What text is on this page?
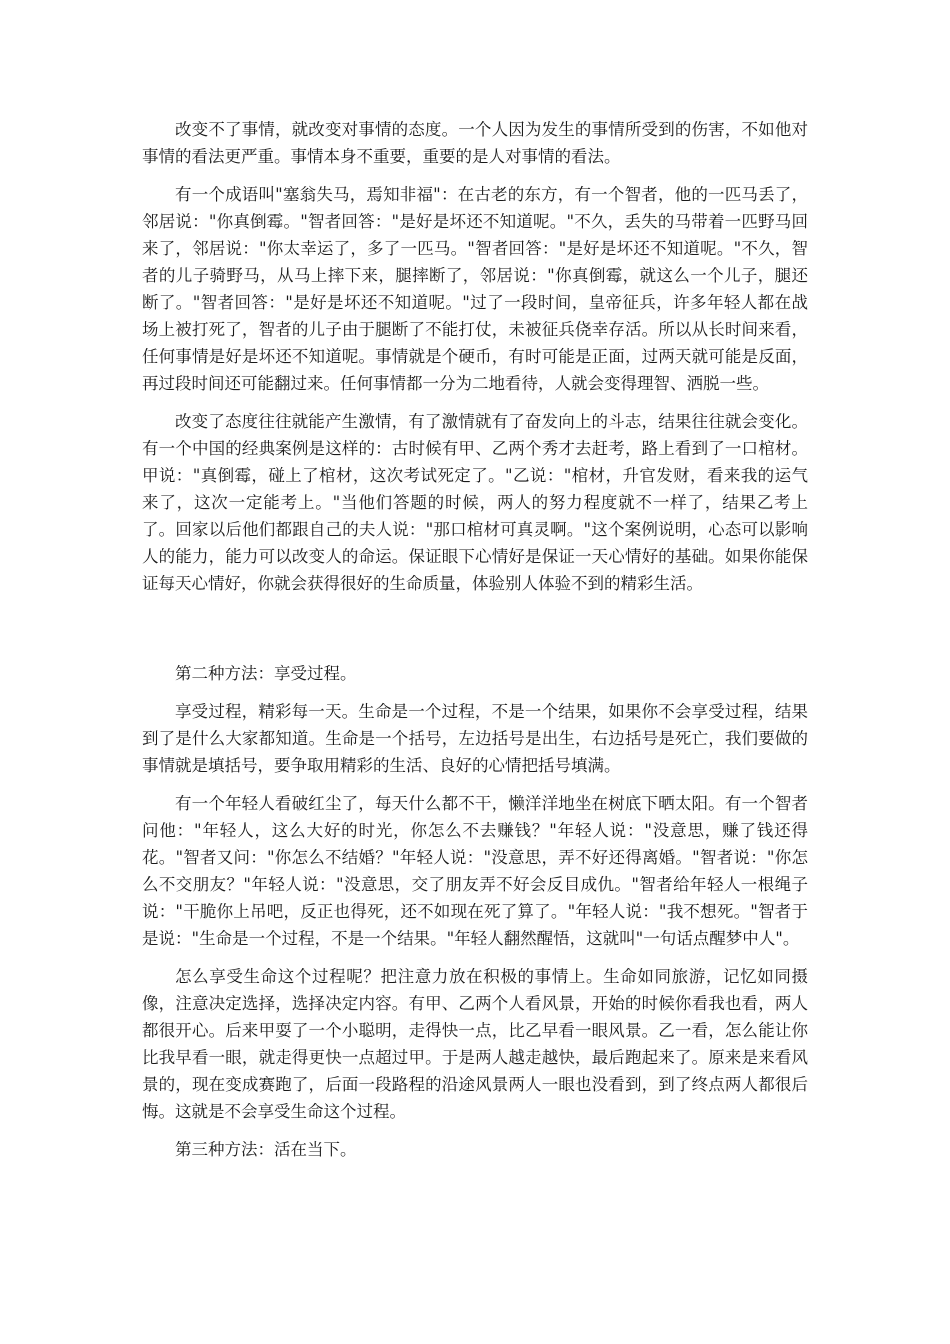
改变不了事情，就改变对事情的态度。一个人因为发生的事情所受到的伤害，不如他对事情的看法更严重。事情本身不重要，重要的是人对事情的看法。

有一个成语叫"塞翁失马，焉知非福"：在古老的东方，有一个智者，他的一匹马丢了，邻居说："你真倒霉。"智者回答："是好是坏还不知道呢。"不久，丢失的马带着一匹野马回来了，邻居说："你太幸运了，多了一匹马。"智者回答："是好是坏还不知道呢。"不久，智者的儿子骑野马，从马上摔下来，腿摔断了，邻居说："你真倒霉，就这么一个儿子，腿还断了。"智者回答："是好是坏还不知道呢。"过了一段时间，皇帝征兵，许多年轻人都在战场上被打死了，智者的儿子由于腿断了不能打仗，未被征兵侥幸存活。所以从长时间来看，任何事情是好是坏还不知道呢。事情就是个硬币，有时可能是正面，过两天就可能是反面，再过段时间还可能翻过来。任何事情都一分为二地看待，人就会变得理智、洒脱一些。

改变了态度往往就能产生激情，有了激情就有了奋发向上的斗志，结果往往就会变化。有一个中国的经典案例是这样的：古时候有甲、乙两个秀才去赶考，路上看到了一口棺材。甲说："真倒霉，碰上了棺材，这次考试死定了。"乙说："棺材，升官发财，看来我的运气来了，这次一定能考上。"当他们答题的时候，两人的努力程度就不一样了，结果乙考上了。回家以后他们都跟自己的夫人说："那口棺材可真灵啊。"这个案例说明，心态可以影响人的能力，能力可以改变人的命运。保证眼下心情好是保证一天心情好的基础。如果你能保证每天心情好，你就会获得很好的生命质量，体验别人体验不到的精彩生活。

第二种方法：享受过程。

享受过程，精彩每一天。生命是一个过程，不是一个结果，如果你不会享受过程，结果到了是什么大家都知道。生命是一个括号，左边括号是出生，右边括号是死亡，我们要做的事情就是填括号，要争取用精彩的生活、良好的心情把括号填满。

有一个年轻人看破红尘了，每天什么都不干，懒洋洋地坐在树底下晒太阳。有一个智者问他："年轻人，这么大好的时光，你怎么不去赚钱？"年轻人说："没意思，赚了钱还得花。"智者又问："你怎么不结婚？"年轻人说："没意思，弄不好还得离婚。"智者说："你怎么不交朋友？"年轻人说："没意思，交了朋友弄不好会反目成仇。"智者给年轻人一根绳子说："干脆你上吊吧，反正也得死，还不如现在死了算了。"年轻人说："我不想死。"智者于是说："生命是一个过程，不是一个结果。"年轻人翻然醒悟，这就叫"一句话点醒梦中人"。

怎么享受生命这个过程呢？把注意力放在积极的事情上。生命如同旅游，记忆如同摄像，注意决定选择，选择决定内容。有甲、乙两个人看风景，开始的时候你看我也看，两人都很开心。后来甲耍了一个小聪明，走得快一点，比乙早看一眼风景。乙一看，怎么能让你比我早看一眼，就走得更快一点超过甲。于是两人越走越快，最后跑起来了。原来是来看风景的，现在变成赛跑了，后面一段路程的沿途风景两人一眼也没看到，到了终点两人都很后悔。这就是不会享受生命这个过程。

第三种方法：活在当下。
